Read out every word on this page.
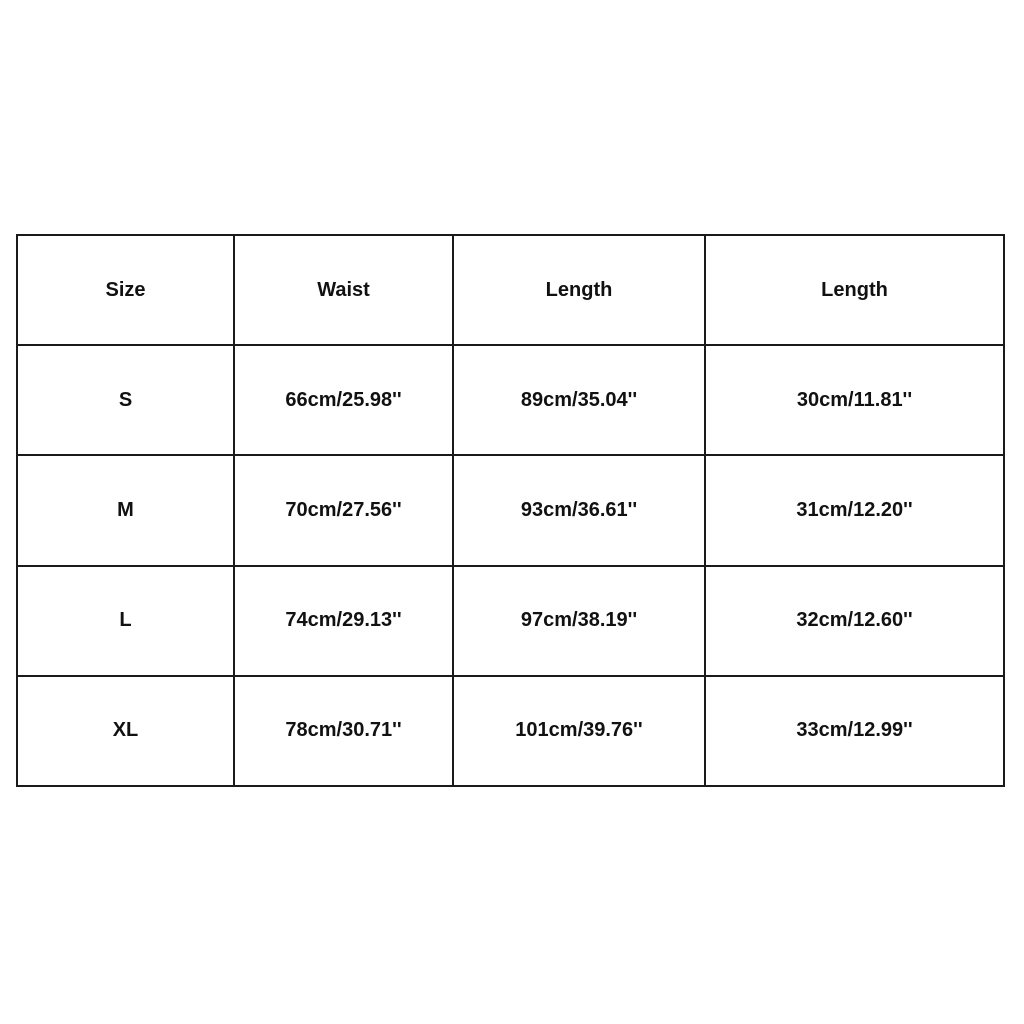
Size	Waist	Length	Length
S	66cm/25.98''	89cm/35.04''	30cm/11.81''
M	70cm/27.56''	93cm/36.61''	31cm/12.20''
L	74cm/29.13''	97cm/38.19''	32cm/12.60''
XL	78cm/30.71''	101cm/39.76''	33cm/12.99''
